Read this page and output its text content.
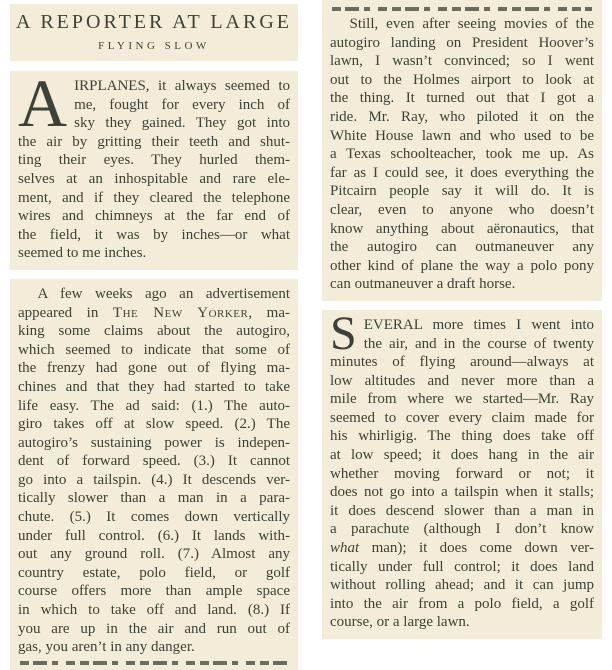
A REPORTER AT LARGE
FLYING SLOW
A IRPLANES, it always seemed to
me, fought for every inch of
sky they gained. They got into
the air by gritting their teeth and shut-
ting their eyes. They hurled them-
selves at an inhospitable and rare ele-
ment, and if they cleared the telephone
wires and chimneys at the far end of
the field, it was by inches—or what
seemed to me inches.
A few weeks ago an advertisement
appeared in The New Yorker, ma-
king some claims about the autogiro,
which seemed to indicate that some of
the frenzy had gone out of flying ma-
chines and that they had started to take
life easy. The ad said: (1.) The auto-
giro takes off at slow speed. (2.) The
autogiro’s sustaining power is indepen-
dent of forward speed. (3.) It cannot
go into a tailspin. (4.) It descends ver-
tically slower than a man in a para-
chute. (5.) It comes down vertically
under full control. (6.) It lands with-
out any ground roll. (7.) Almost any
country estate, polo field, or golf
course offers more than ample space
in which to take off and land. (8.) If
you are up in the air and run out of
gas, you aren’t in any danger.
Still, even after seeing movies of the
autogiro landing on President Hoover’s
lawn, I wasn’t convinced; so I went
out to the Holmes airport to look at
the thing. It turned out that I got a
ride. Mr. Ray, who piloted it on the
White House lawn and who used to be
a Texas schoolteacher, took me up. As
far as I could see, it does everything the
Pitcairn people say it will do. It is
clear, even to anyone who doesn’t
know anything about aëronautics, that
the autogiro can outmaneuver any
other kind of plane the way a polo pony
can outmaneuver a draft horse.
S EVERAL more times I went into
the air, and in the course of twenty
minutes of flying around—always at
low altitudes and never more than a
mile from where we started—Mr. Ray
seemed to cover every claim made for
his whirligig. The thing does take off
at low speed; it does hang in the air
whether moving forward or not; it
does not go into a tailspin when it stalls;
it does descend slower than a man in
a parachute (although I don’t know
what man); it does come down ver-
tically under full control; it does land
without rolling ahead; and it can jump
into the air from a polo field, a golf
course, or a large lawn.
